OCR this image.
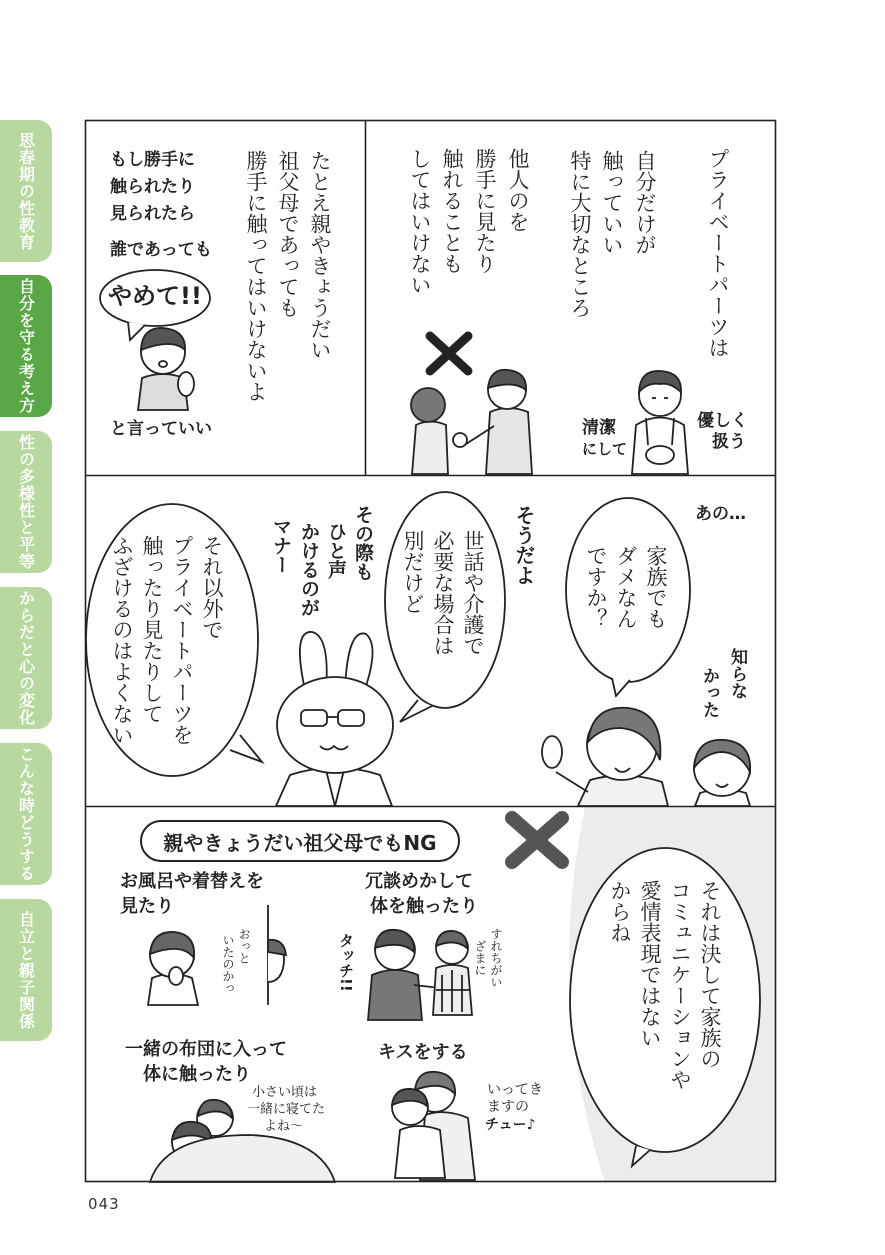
思春期の性教育
自分を守る考え方
性の多様性と平等
からだと心の変化
こんな時どうする
自立と親子関係
プライベートパーツは
自分だけが
触っていい
特に大切なところ
他人のを
勝手に見たり
触れることも
してはいけない
優しく
扱う
清潔
にして
たとえ親やきょうだい
祖父母であっても
勝手に触ってはいけないよ
もし勝手に
触られたり
見られたら
誰であっても
やめて!!
と言っていい
あの…
家族でも
ダメなん
ですか？
そうだよ
世話や介護で
必要な場合は
別だけど
その際も
ひと声
かけるのが
マナー
それ以外で
プライベートパーツを
触ったり見たりして
ふざけるのはよくない	知らな
かった
親やきょうだい祖父母でもNG
お風呂や着替えを
見たり
おっと
いたのかっ
冗談めかして
体を触ったり
タッチ!!	すれちがい
ざまに
一緒の布団に入って
体に触ったり
小さい頃は
一緒に寝てた
よね〜
キスをする
いってき
ますの
チュー♪
それは決して家族の
コミュニケーションや
愛情表現ではない
からね
043
